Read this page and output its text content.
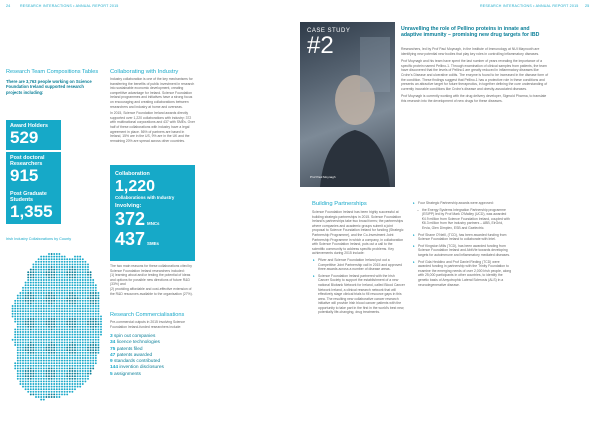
24	RESEARCH INTERACTIONS • ANNUAL REPORT 2015
Research Team Compositions Tables
There are 3,763 people working on Science Foundation Ireland supported research projects including:
Award Holders
529
Post doctoral Researchers
915
Post Graduate Students
1,355
Irish Industry Collaborations by County
Collaborating with Industry

Industry collaboration is one of the key mechanisms for transferring the benefits of public investment in research into sustainable economic development, creating competitive advantage for Ireland. Science Foundation Ireland programmes and initiatives have a strong focus on encouraging and creating collaborations between researchers and industry at home and overseas.

In 2015, Science Foundation Ireland awards directly supported over 1,220 collaborations with industry: 372 with multinational corporations and 437 with SMEs. Over half of these collaborations with industry have a legal agreement in place. 56% of partners are based in Ireland, 15% are in the US, 9% are in the UK and the remaining 20% are spread across other countries.

Collaboration
1,220
Collaborations with Industry
Involving:
372 MNCs
437 SMEs

The two main reasons for these collaborations cited by Science Foundation Ireland researchers included:

(1) learning about and/or testing the potential of ideas and options for possible new directions of future R&D (33%) and
(2) providing affordable and cost-effective extension of the R&D resources available to the organisation (27%).
Research Commercialisations
Pre-commercial outputs in 2015 involving Science Foundation Ireland-funded researchers include:
3 spin out companies
34 licence technologies
75 patents filed
47 patents awarded
9 standards contributed
144 invention disclosures
5 assignments
RESEARCH INTERACTIONS • ANNUAL REPORT 2015 25
CASE STUDY
#2
Prof Paul Moynagh
Unravelling the role of Pellino proteins in innate and adaptive immunity – promising new drug targets for IBD

Researchers, led by Prof Paul Moynagh, in the Institute of Immunology at NUI Maynooth are identifying new potential new bodies that play key roles in controlling inflammatory diseases.

Prof Moynagh and his team have spent the last number of years revealing the importance of a specific protein named Pellino-1. Through examination of clinical samples from patients, the team have discovered that the levels of Pellino1 are greatly reduced in inflammatory diseases like Crohn's Disease and ulcerative colitis. The enzyme is found to be increased in the disease form of the condition. These findings suggest that Pellino-1 has a protective role in these conditions and presents an attractive target for future therapeutics, in together defining the cure understanding of currently incurable conditions like Crohn's disease and obesity-associated diseases.

Prof Moynagh is currently working with the drug delivery developer, Sigmoid Pharma, to translate this research into the development of new drugs for these diseases.

Building Partnerships

Science Foundation Ireland has been highly successful at building strategic partnerships in 2015. Science Foundation Ireland's partnerships take two broad forms; the partnerships where companies and academic groups submit a joint proposal to Science Foundation Ireland for funding (Strategic Partnership Programme), and the Co-Investment Joint Partnership Programme in which a company, in collaboration with Science Foundation Ireland, puts out a call to the scientific community to address specific problems. Key achievements during 2015 include:

▸ Pfizer and Science Foundation Ireland put out a Competitive Joint Partnership call in 2015 and approved three awards across a number of disease areas.
▸ Science Foundation Ireland partnered with the Irish Cancer Society to support the establishment of a new national Biobank Network for Ireland, called Blood Cancer Network Ireland, a clinical research network that will effectively stage clinical trials to fill resource gaps in this area. The resulting new collaborative cancer research initiative will provide Irish blood cancer patients with the opportunity to take part in the first in the world's best new, potentially life-changing, drug treatments.
▸ Four Strategic Partnership awards were approved:
– the Energy Systems Integration Partnership programme (ESIPP) led by Prof Mark O'Malley (UCD), was awarded €4.9 million from Science Foundation Ireland, coupled with €6.3 million from five industry partners – ABB, EirGrid, Ervia, Glen Dimplex, ESB and Gaelectric.
▸ Prof Shane O'Neill, (TCD), has been awarded funding from Science Foundation Ireland to collaborate with Intel.
▸ Prof Kingston Mills (TCD), has been awarded funding from Science Foundation Ireland and AbbVie towards developing targets for autoimmune and inflammatory mediated diseases.
▸ Prof Gda Heddino and Prof Daniel Reding (TCD) were awarded funding in partnership with the Trinity Foundation to examine the emerging needs of over 2,000 Irish people, along with 25,000 participants in other countries, to identify the genetic basis of Amyotrophic Lateral Sclerosis (ALS) in a neurodegenerative disease.
